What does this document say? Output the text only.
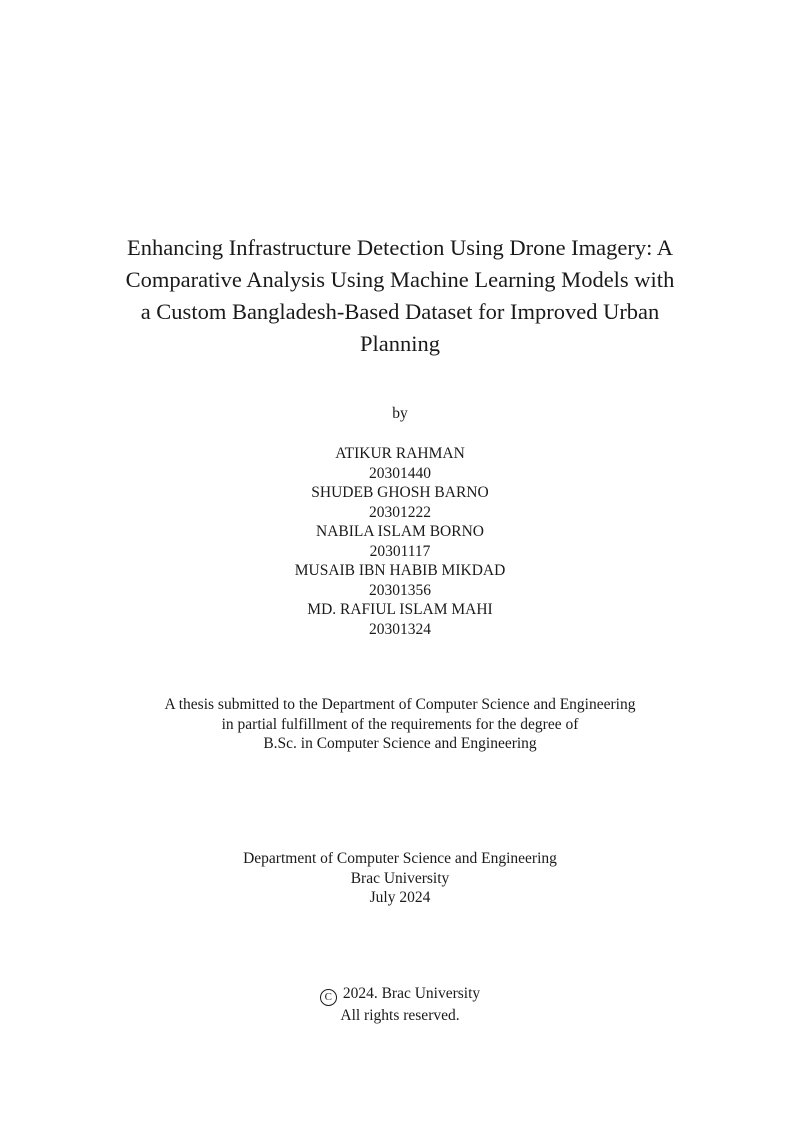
Enhancing Infrastructure Detection Using Drone Imagery: A
Comparative Analysis Using Machine Learning Models with
a Custom Bangladesh-Based Dataset for Improved Urban
Planning
by
ATIKUR RAHMAN
20301440
SHUDEB GHOSH BARNO
20301222
NABILA ISLAM BORNO
20301117
MUSAIB IBN HABIB MIKDAD
20301356
MD. RAFIUL ISLAM MAHI
20301324
A thesis submitted to the Department of Computer Science and Engineering
in partial fulfillment of the requirements for the degree of
B.Sc. in Computer Science and Engineering
Department of Computer Science and Engineering
Brac University
July 2024
C 2024. Brac University
All rights reserved.
